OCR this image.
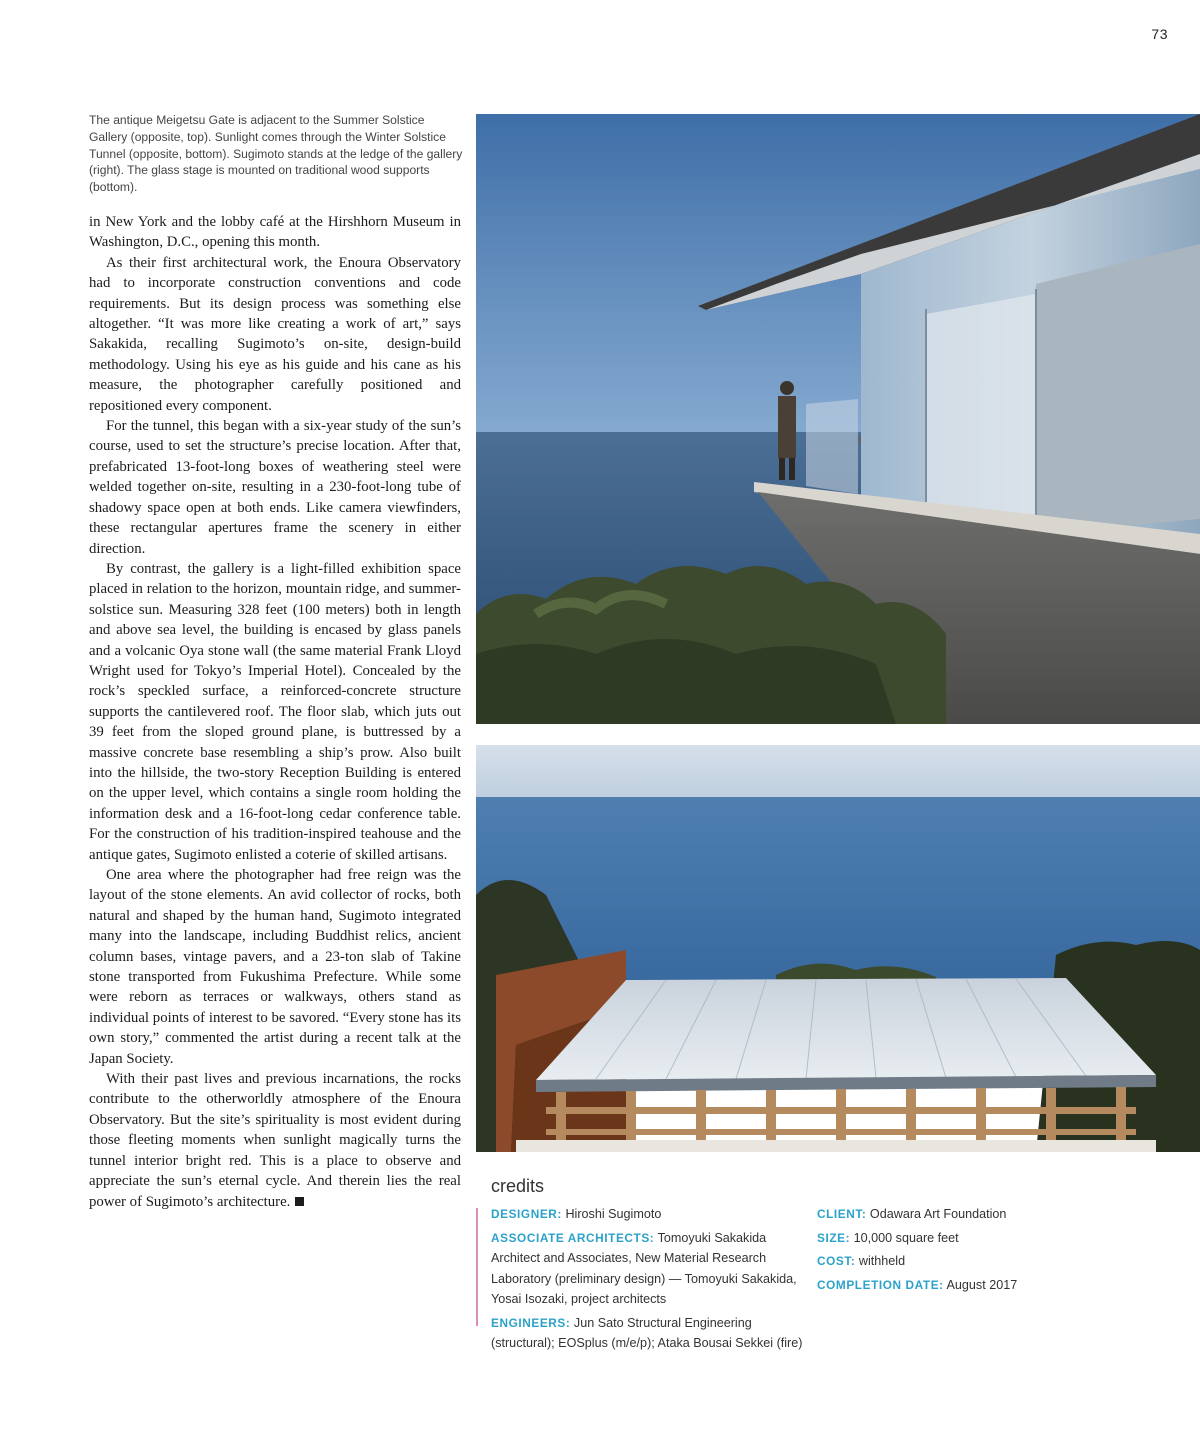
73

The antique Meigetsu Gate is adjacent to the Summer Solstice Gallery (opposite, top). Sunlight comes through the Winter Solstice Tunnel (opposite, bottom). Sugimoto stands at the ledge of the gallery (right). The glass stage is mounted on traditional wood supports (bottom).

in New York and the lobby café at the Hirshhorn Museum in Washington, D.C., opening this month.

As their first architectural work, the Enoura Observatory had to incorporate construction conventions and code requirements. But its design process was something else altogether. “It was more like creating a work of art,” says Sakakida, recalling Sugimoto’s on-site, design-build methodology. Using his eye as his guide and his cane as his measure, the photographer carefully positioned and repositioned every component.

For the tunnel, this began with a six-year study of the sun’s course, used to set the structure’s precise location. After that, prefabricated 13-foot-long boxes of weathering steel were welded together on-site, resulting in a 230-foot-long tube of shadowy space open at both ends. Like camera viewfinders, these rectangular apertures frame the scenery in either direction.

By contrast, the gallery is a light-filled exhibition space placed in relation to the horizon, mountain ridge, and summer-solstice sun. Measuring 328 feet (100 meters) both in length and above sea level, the building is encased by glass panels and a volcanic Oya stone wall (the same material Frank Lloyd Wright used for Tokyo’s Imperial Hotel). Concealed by the rock’s speckled surface, a reinforced-concrete structure supports the cantilevered roof. The floor slab, which juts out 39 feet from the sloped ground plane, is buttressed by a massive concrete base resembling a ship’s prow. Also built into the hillside, the two-story Reception Building is entered on the upper level, which contains a single room holding the information desk and a 16-foot-long cedar conference table. For the construction of his tradition-inspired teahouse and the antique gates, Sugimoto enlisted a coterie of skilled artisans.

One area where the photographer had free reign was the layout of the stone elements. An avid collector of rocks, both natural and shaped by the human hand, Sugimoto integrated many into the landscape, including Buddhist relics, ancient column bases, vintage pavers, and a 23-ton slab of Takine stone transported from Fukushima Prefecture. While some were reborn as terraces or walkways, others stand as individual points of interest to be savored. “Every stone has its own story,” commented the artist during a recent talk at the Japan Society.

With their past lives and previous incarnations, the rocks contribute to the otherworldly atmosphere of the Enoura Observatory. But the site’s spirituality is most evident during those fleeting moments when sunlight magically turns the tunnel interior bright red. This is a place to observe and appreciate the sun’s eternal cycle. And therein lies the real power of Sugimoto’s architecture.

credits

DESIGNER: Hiroshi Sugimoto

ASSOCIATE ARCHITECTS: Tomoyuki Sakakida Architect and Associates, New Material Research Laboratory (preliminary design) — Tomoyuki Sakakida, Yosai Isozaki, project architects

ENGINEERS: Jun Sato Structural Engineering (structural); EOSplus (m/e/p); Ataka Bousai Sekkei (fire)

CLIENT: Odawara Art Foundation

SIZE: 10,000 square feet

COST: withheld

COMPLETION DATE: August 2017
